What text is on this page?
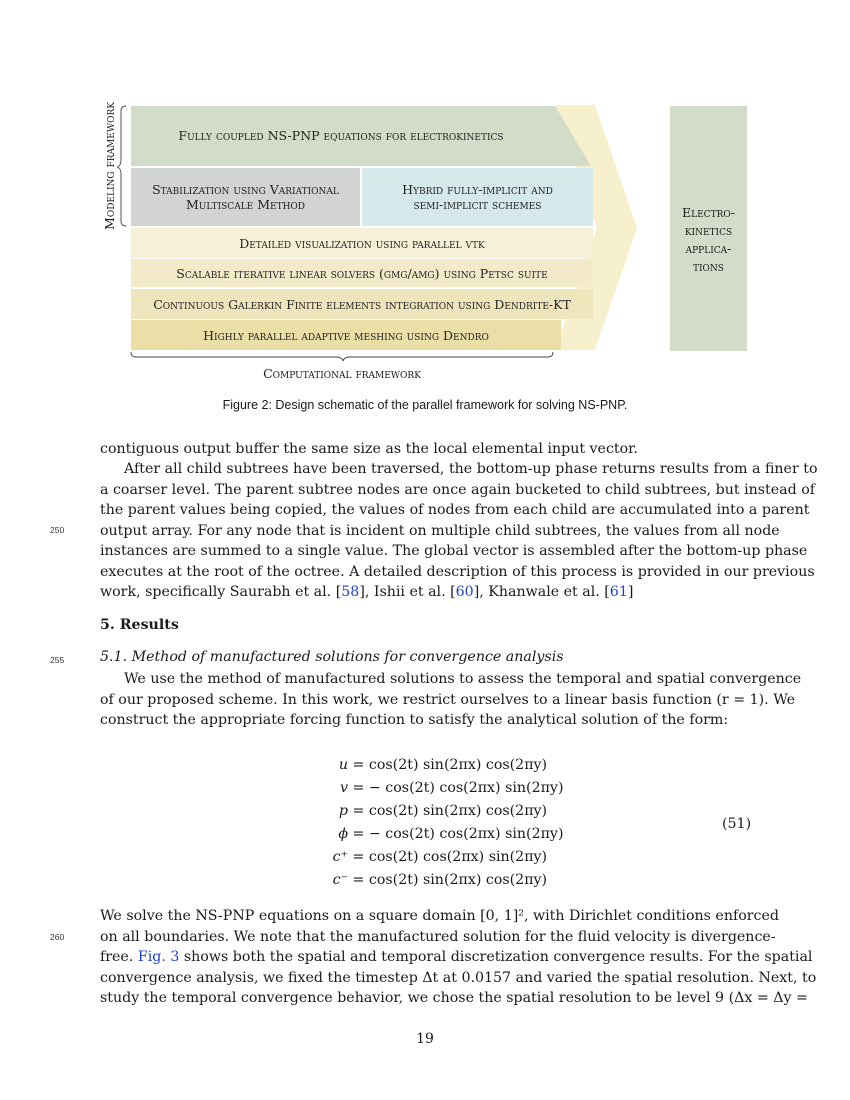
Modeling framework	Fully coupled NS-PNP equations for electrokinetics
Stabilization using Variational Multiscale Method
Hybrid fully-implicit and semi-implicit schemes
Detailed visualization using parallel vtk
Scalable iterative linear solvers (gmg/amg) using Petsc suite
Continuous Galerkin Finite elements integration using Dendrite-KT
Highly parallel adaptive meshing using Dendro
Electro-
kinetics
applica-
tions
Computational framework
Figure 2: Design schematic of the parallel framework for solving NS-PNP.
contiguous output buffer the same size as the local elemental input vector.
After all child subtrees have been traversed, the bottom-up phase returns results from a finer to
a coarser level. The parent subtree nodes are once again bucketed to child subtrees, but instead of
the parent values being copied, the values of nodes from each child are accumulated into a parent
output array. For any node that is incident on multiple child subtrees, the values from all node
instances are summed to a single value. The global vector is assembled after the bottom-up phase
executes at the root of the octree. A detailed description of this process is provided in our previous
work, specifically Saurabh et al. [58], Ishii et al. [60], Khanwale et al. [61]
250
5. Results
255	5.1. Method of manufactured solutions for convergence analysis
We use the method of manufactured solutions to assess the temporal and spatial convergence
of our proposed scheme. In this work, we restrict ourselves to a linear basis function (r = 1). We
construct the appropriate forcing function to satisfy the analytical solution of the form:
u = cos(2t) sin(2πx) cos(2πy)
v = − cos(2t) cos(2πx) sin(2πy)
p = cos(2t) sin(2πx) cos(2πy)
ϕ = − cos(2t) cos(2πx) sin(2πy)
c⁺ = cos(2t) cos(2πx) sin(2πy)
c⁻ = cos(2t) sin(2πx) cos(2πy)
(51)
We solve the NS-PNP equations on a square domain [0, 1]², with Dirichlet conditions enforced
on all boundaries. We note that the manufactured solution for the fluid velocity is divergence-
free. Fig. 3 shows both the spatial and temporal discretization convergence results. For the spatial
convergence analysis, we fixed the timestep Δt at 0.0157 and varied the spatial resolution. Next, to
study the temporal convergence behavior, we chose the spatial resolution to be level 9 (Δx = Δy =
260
19
